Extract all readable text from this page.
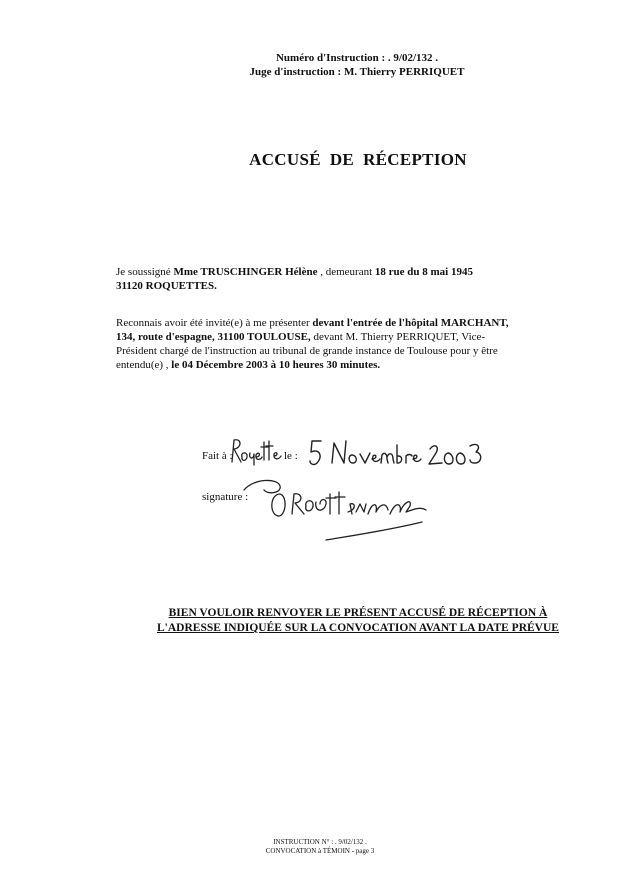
Numéro d'Instruction : . 9/02/132 .
Juge d'instruction : M. Thierry PERRIQUET
ACCUSÉ DE RÉCEPTION
Je soussigné Mme TRUSCHINGER Hélène , demeurant 18 rue du 8 mai 1945
31120 ROQUETTES.
Reconnais avoir été invité(e) à me présenter devant l'entrée de l'hôpital MARCHANT, 134, route d'espagne, 31100 TOULOUSE, devant M. Thierry PERRIQUET, Vice-Président chargé de l'instruction au tribunal de grande instance de Toulouse pour y être entendu(e) , le 04 Décembre 2003 à 10 heures 30 minutes.
Fait à :	le :
signature :
BIEN VOULOIR RENVOYER LE PRÉSENT ACCUSÉ DE RÉCEPTION À
L'ADRESSE INDIQUÉE SUR LA CONVOCATION AVANT LA DATE PRÉVUE
INSTRUCTION N° : . 9/02/132 .
CONVOCATION à TÉMOIN - page 3
